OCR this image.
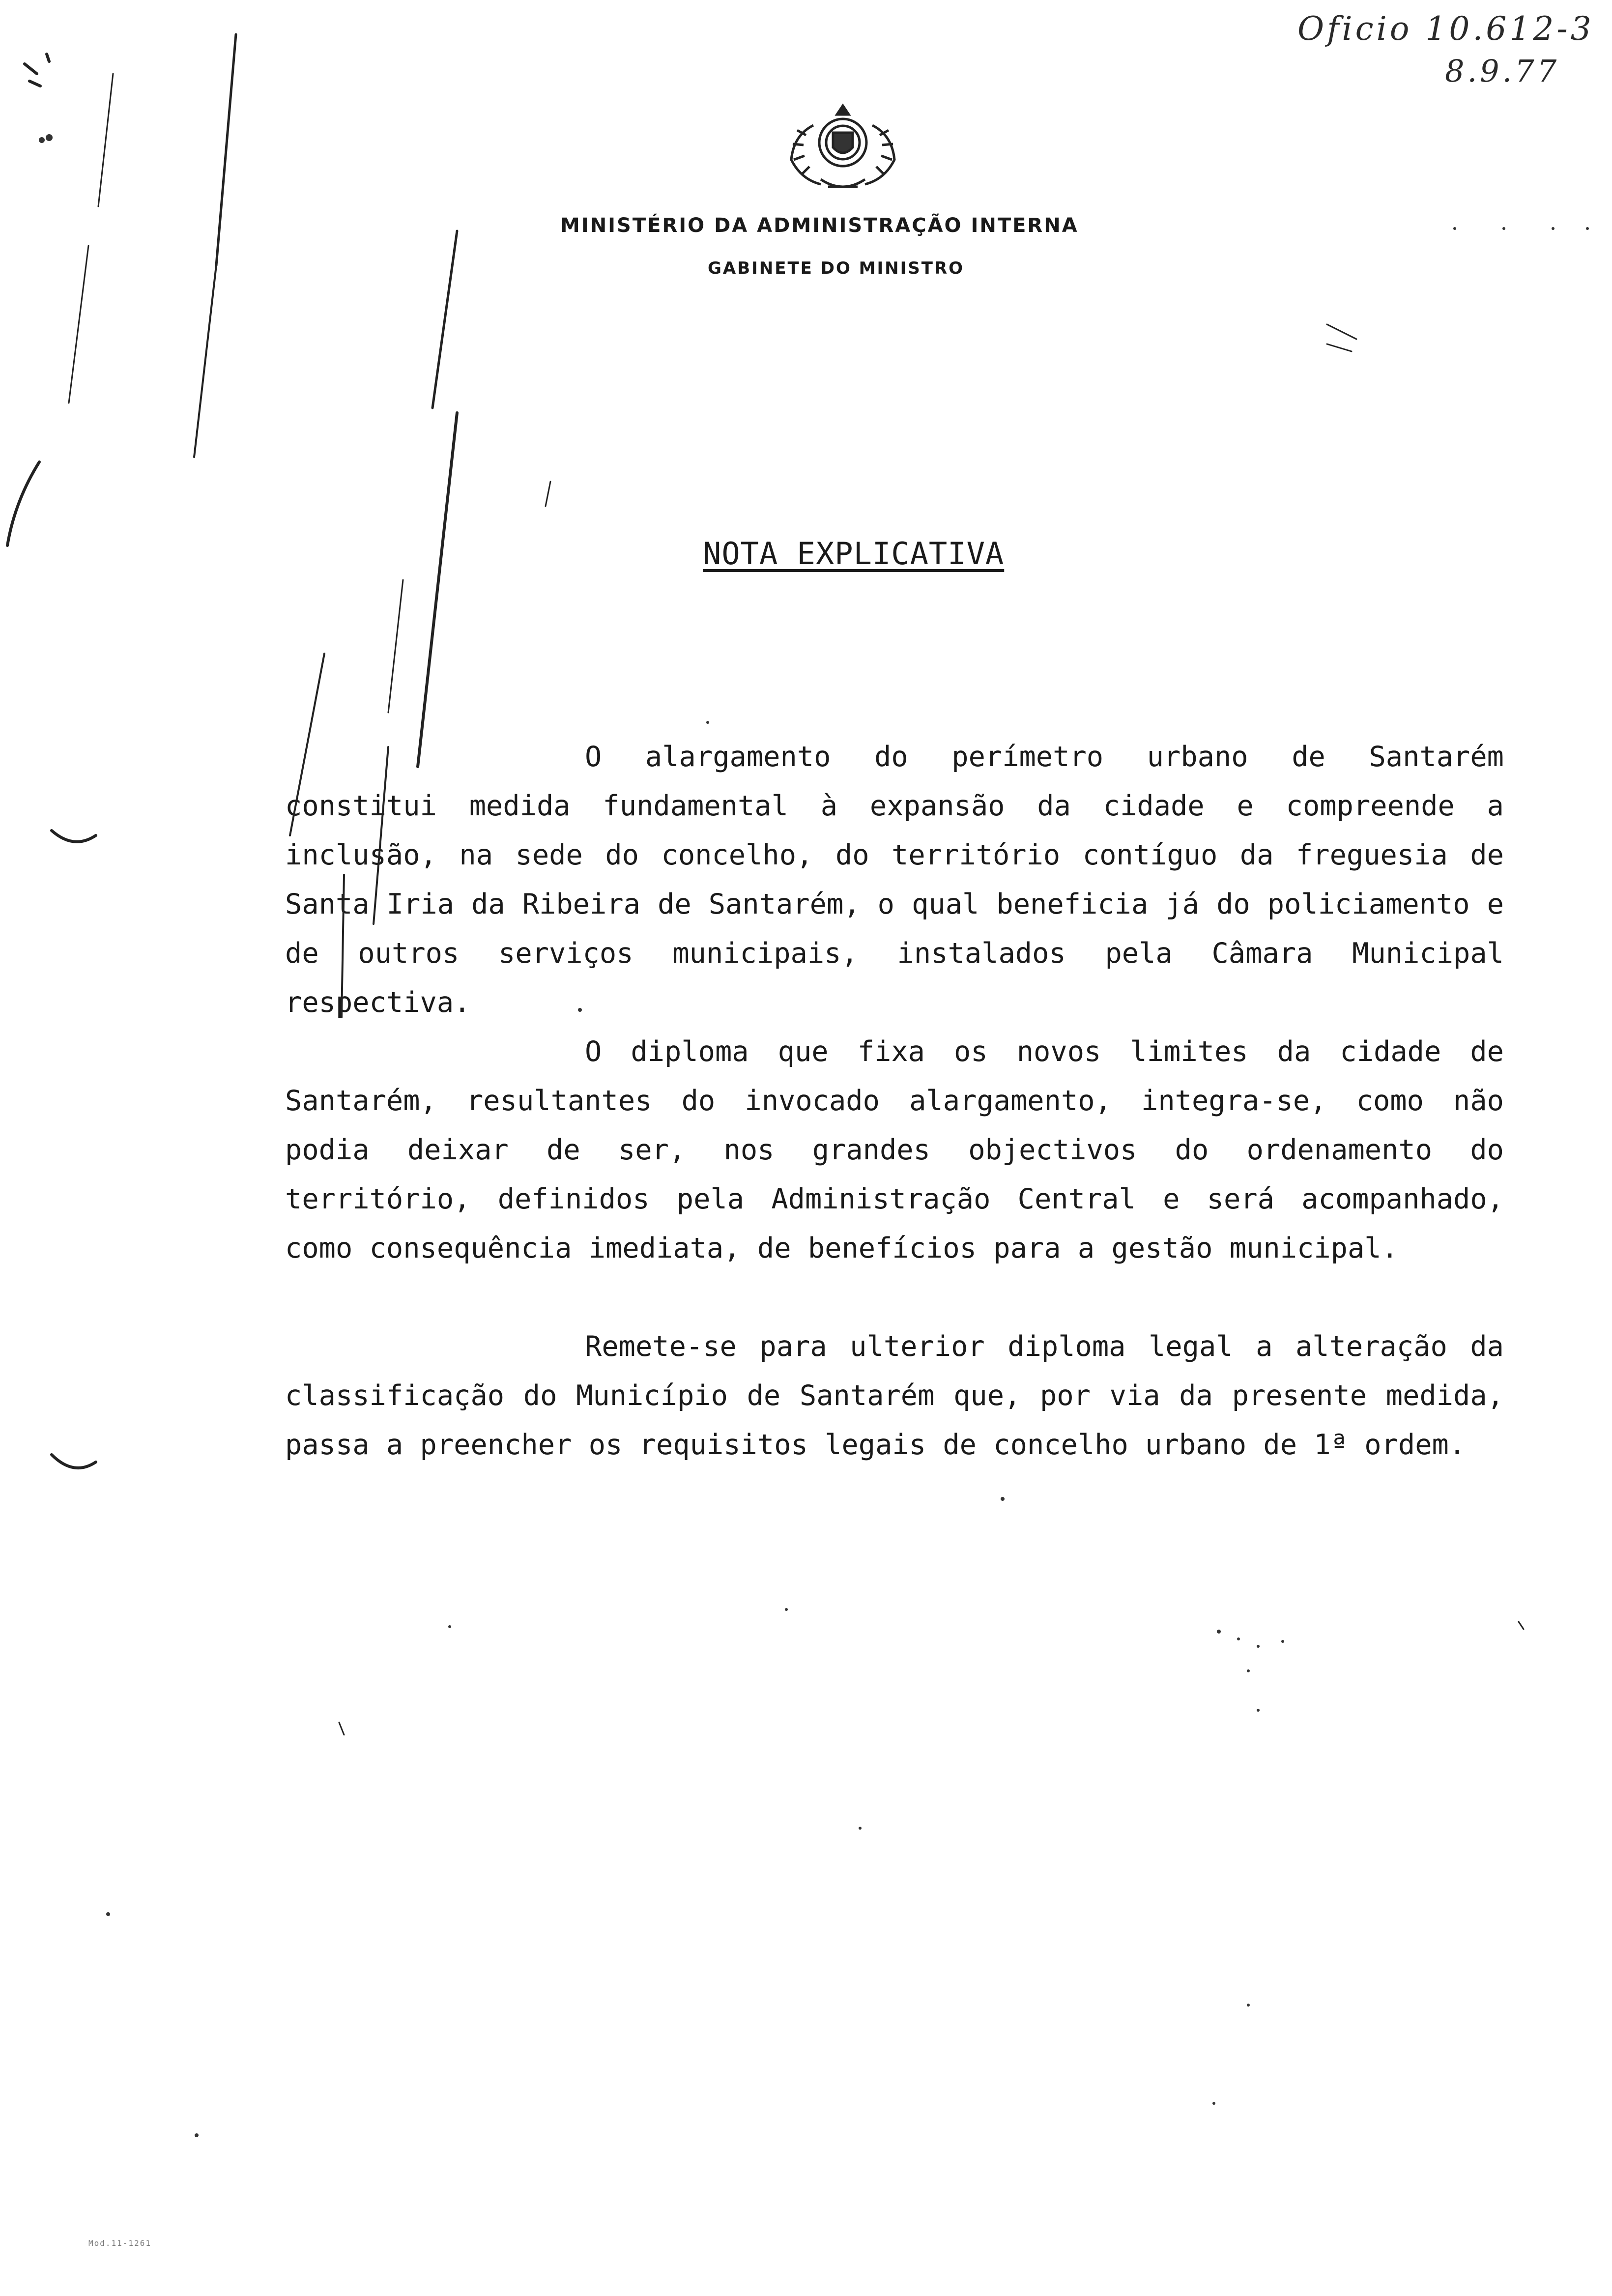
Oficio 10.612-3
8.9.77
MINISTÉRIO DA ADMINISTRAÇÃO INTERNA
GABINETE DO MINISTRO
NOTA EXPLICATIVA

O alargamento do perímetro urbano de Santarém constitui medida fundamental à expansão da cidade e compreende a inclusão, na sede do concelho, do território contíguo da freguesia de Santa Iria da Ribeira de Santarém, o qual beneficia já do policiamento e de outros serviços municipais, instalados pela Câmara Municipal respectiva.

O diploma que fixa os novos limites da cidade de Santarém, resultantes do invocado alargamento, integra-se, como não podia deixar de ser, nos grandes objectivos do ordenamento do território, definidos pela Administração Central e será acompanhado, como consequência imediata, de benefícios para a gestão municipal.

Remete-se para ulterior diploma legal a alteração da classificação do Município de Santarém que, por via da presente medida, passa a preencher os requisitos legais de concelho urbano de 1ª ordem.

Mod.11-1261
